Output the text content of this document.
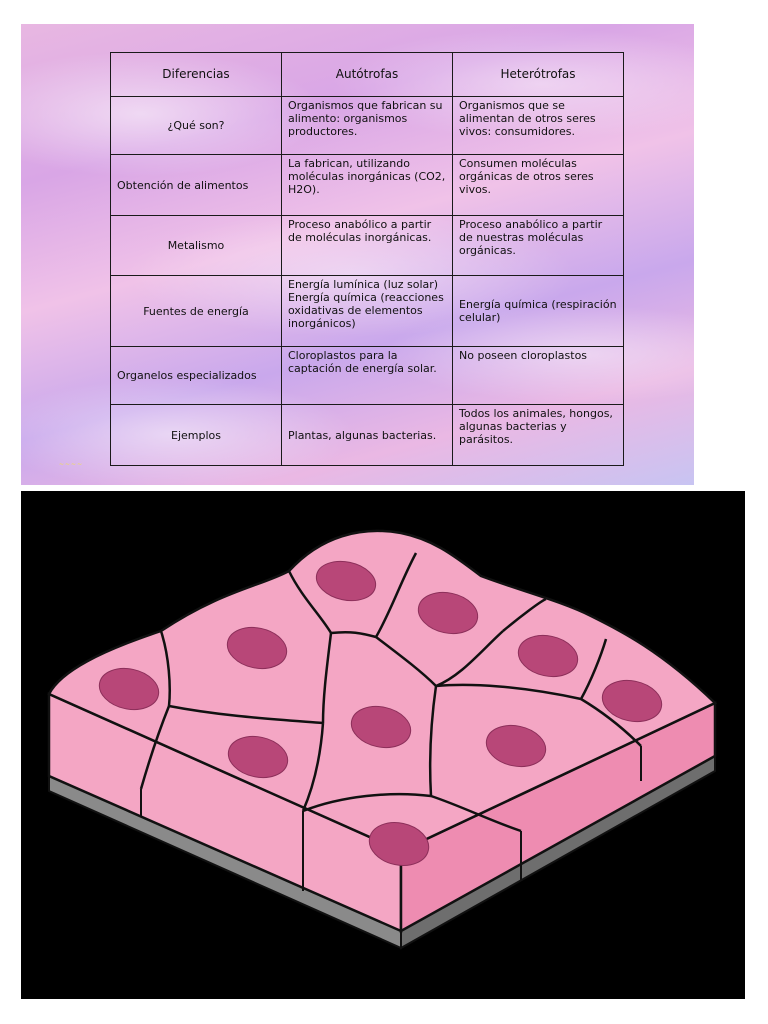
Diferencias	Autótrofas	Heterótrofas
¿Qué son?	Organismos que fabrican su alimento: organismos productores.	Organismos que se alimentan de otros seres vivos: consumidores.
Obtención de alimentos	La fabrican, utilizando moléculas inorgánicas (CO2, H2O).	Consumen moléculas orgánicas de otros seres vivos.
Metalismo	Proceso anabólico a partir de moléculas inorgánicas.	Proceso anabólico a partir de nuestras moléculas orgánicas.
Fuentes de energía	Energía lumínica (luz solar) Energía química (reacciones oxidativas de elementos inorgánicos)	Energía química (respiración celular)
Organelos especializados	Cloroplastos para la captación de energía solar.	No poseen cloroplastos
Ejemplos	Plantas, algunas bacterias.	Todos los animales, hongos, algunas bacterias y parásitos.
~~~~
